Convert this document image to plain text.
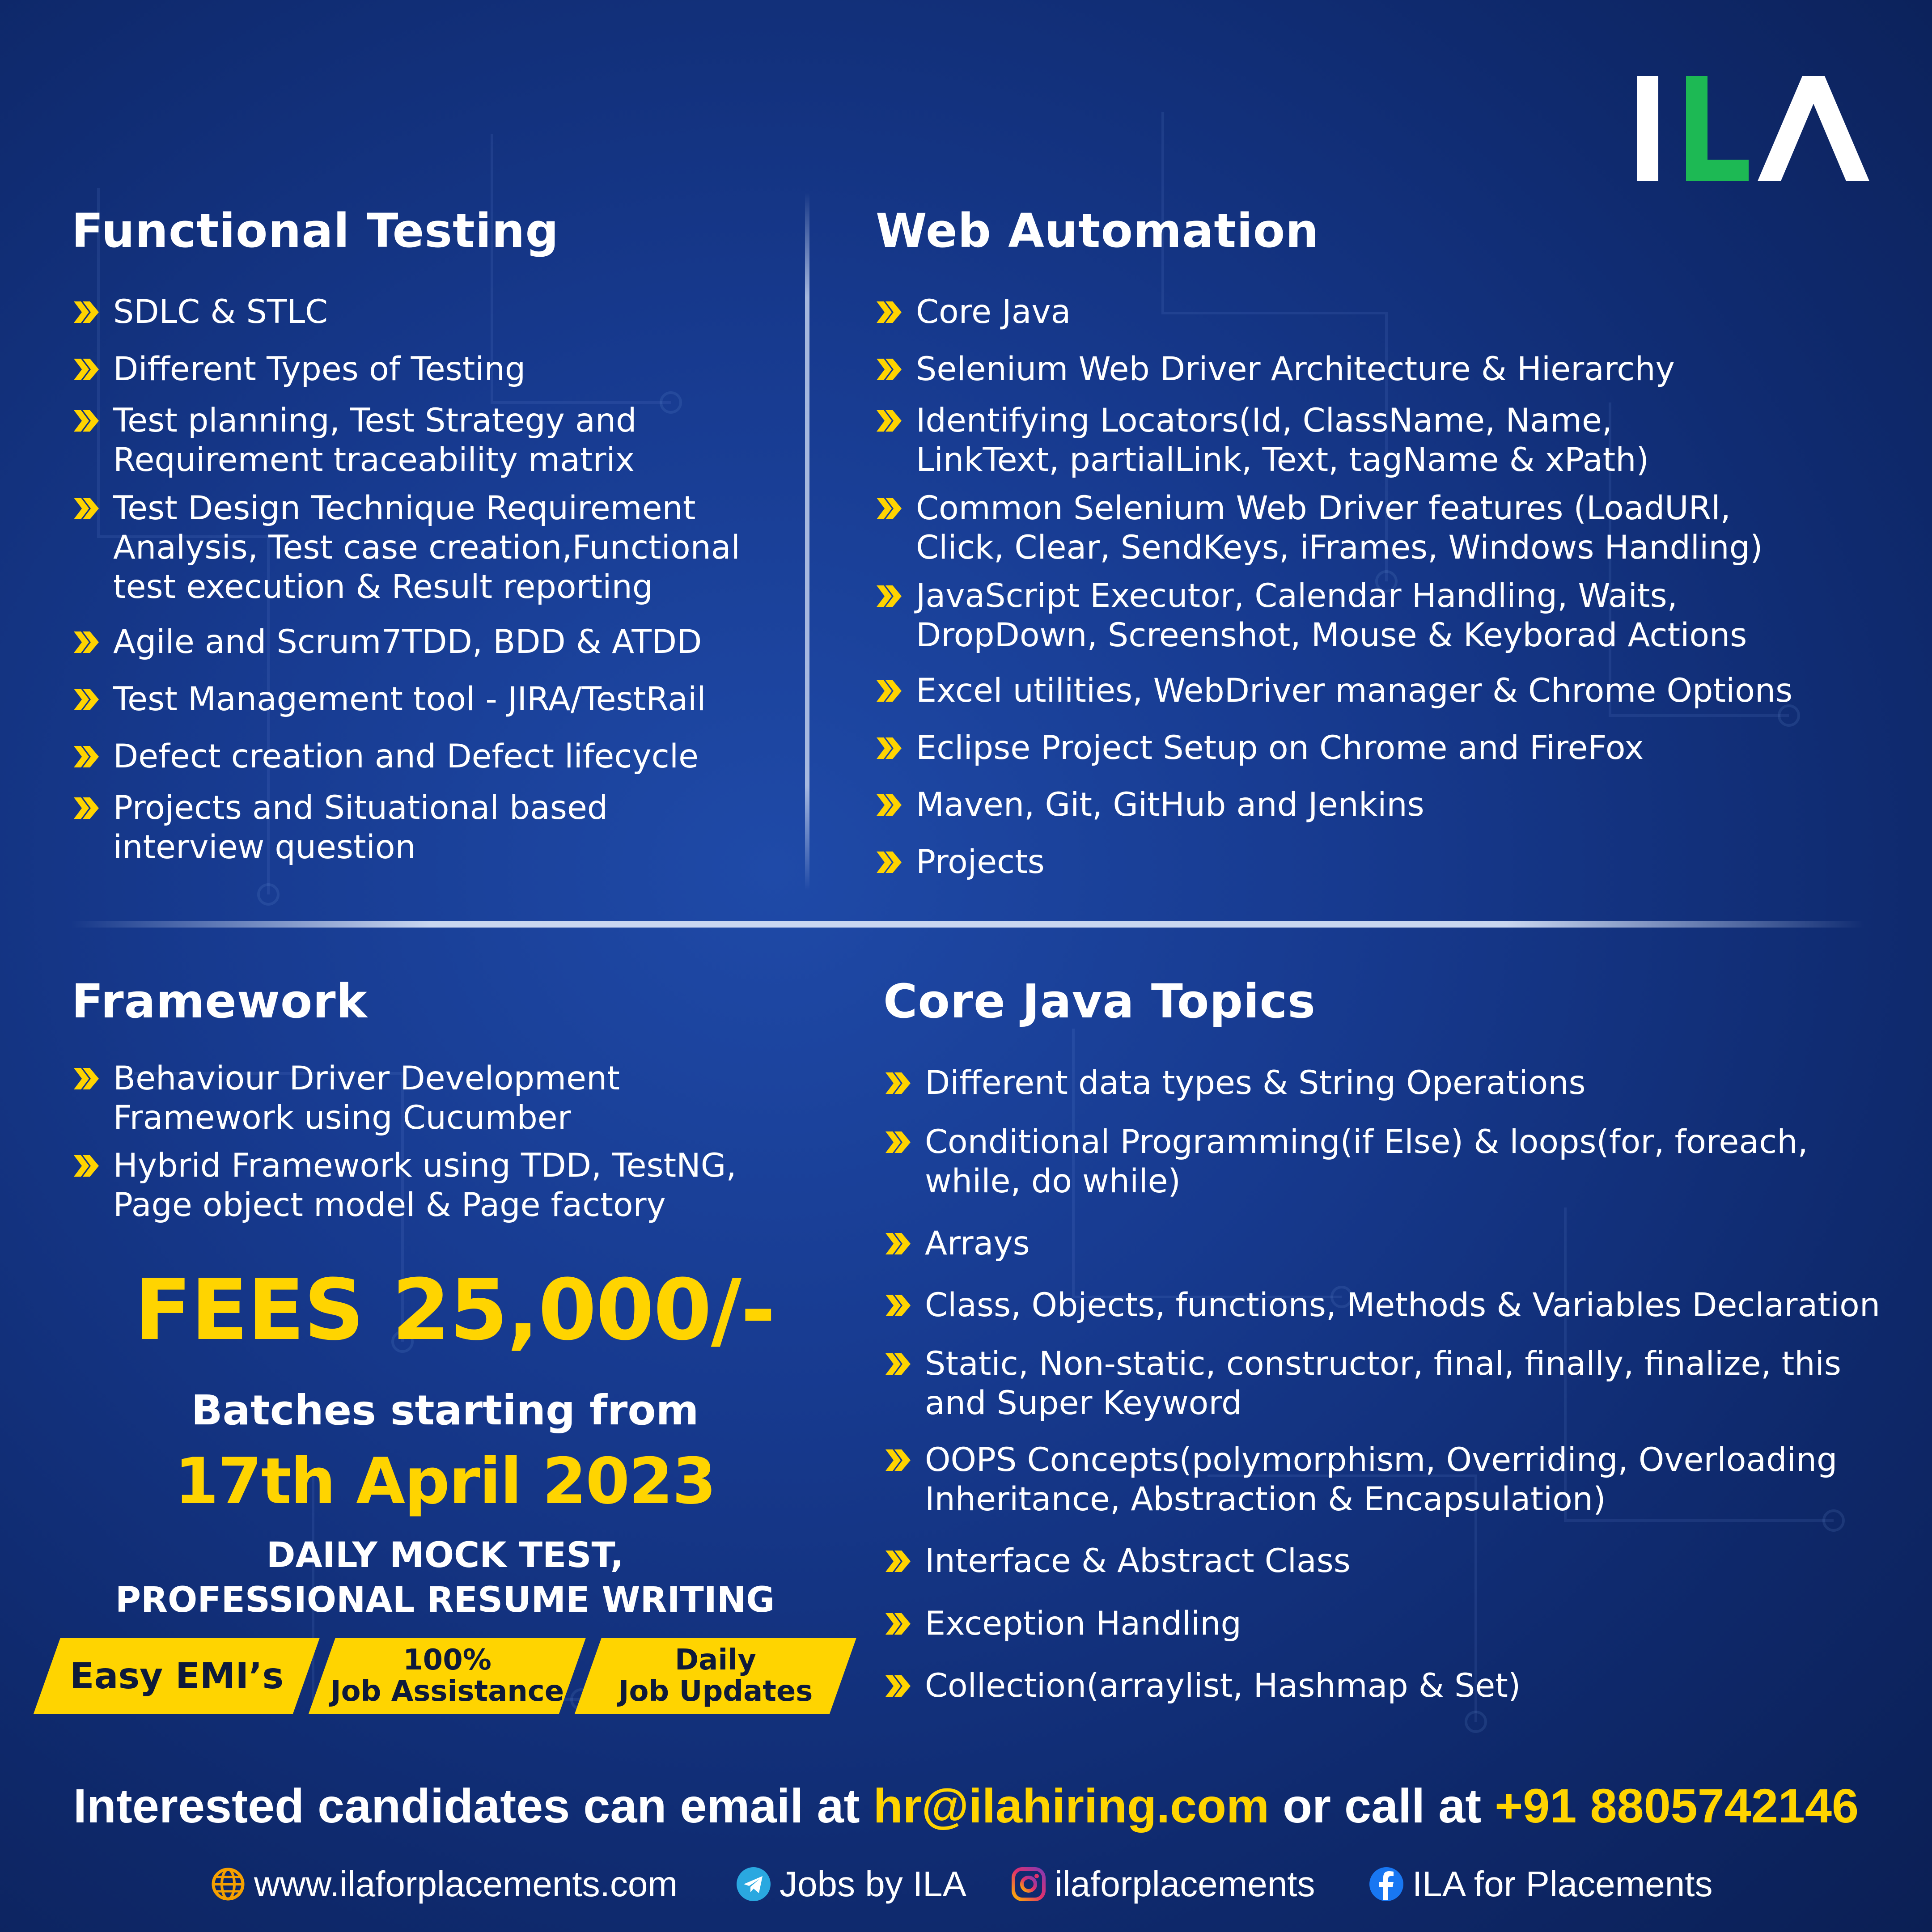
Functional Testing	Web Automation
Framework	Core Java Topics
SDLC & STLC
Different Types of Testing
Test planning, Test Strategy and
Requirement traceability matrix
Test Design Technique Requirement
Analysis, Test case creation,Functional
test execution & Result reporting
Agile and Scrum7TDD, BDD & ATDD
Test Management tool - JIRA/TestRail
Defect creation and Defect lifecycle
Projects and Situational based
interview question
Core Java
Selenium Web Driver Architecture & Hierarchy
Identifying Locators(Id, ClassName, Name,
LinkText, partialLink, Text, tagName & xPath)
Common Selenium Web Driver features (LoadURl,
Click, Clear, SendKeys, iFrames, Windows Handling)
JavaScript Executor, Calendar Handling, Waits,
DropDown, Screenshot, Mouse & Keyborad Actions
Excel utilities, WebDriver manager & Chrome Options
Eclipse Project Setup on Chrome and FireFox
Maven, Git, GitHub and Jenkins
Projects
Behaviour Driver Development
Framework using Cucumber
Hybrid Framework using TDD, TestNG,
Page object model & Page factory
Different data types & String Operations
Conditional Programming(if Else) & loops(for, foreach,
while, do while)
Arrays
Class, Objects, functions, Methods & Variables Declaration
Static, Non-static, constructor, final, finally, finalize, this
and Super Keyword
OOPS Concepts(polymorphism, Overriding, Overloading
Inheritance, Abstraction & Encapsulation)
Interface & Abstract Class
Exception Handling
Collection(arraylist, Hashmap & Set)
FEES 25,000/-
Batches starting from
17th April 2023
DAILY MOCK TEST,
PROFESSIONAL RESUME WRITING
Easy EMI’s	100%
Job Assistance
Daily
Job Updates
Interested candidates can email at hr@ilahiring.com or call at +91 8805742146
www.ilaforplacements.com	Jobs by ILA ilaforplacements	ILA for Placements
